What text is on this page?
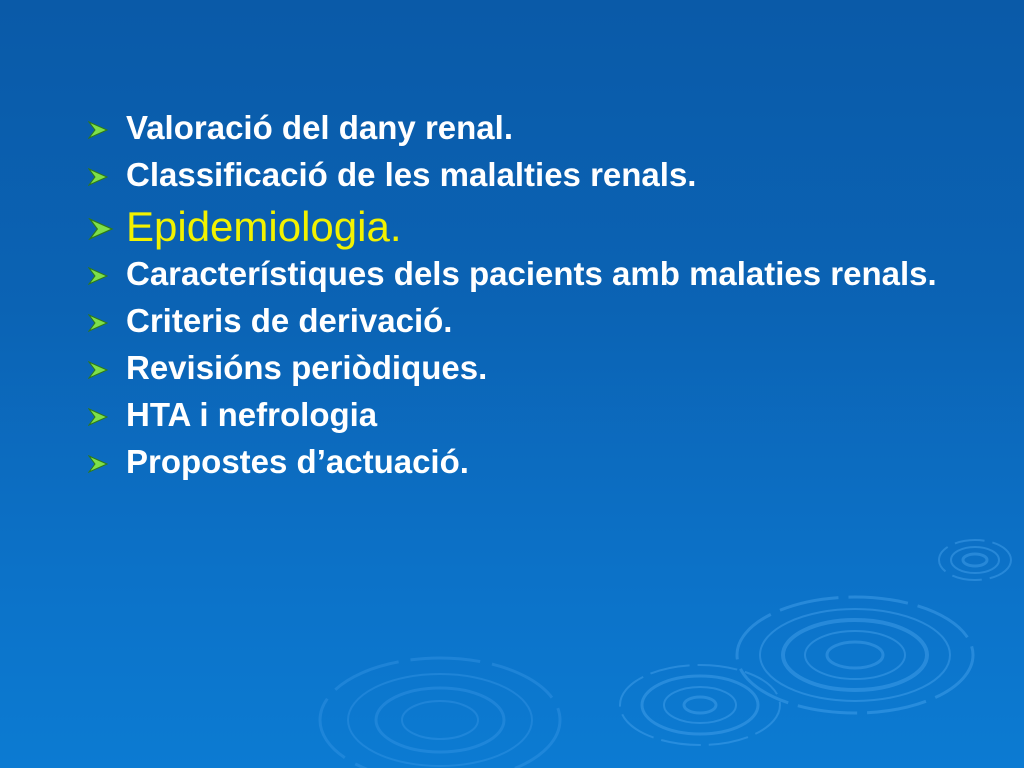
Valoració del dany renal.
Classificació de les malalties renals.
Epidemiologia.
Característiques dels pacients amb malaties renals.
Criteris de derivació.
Revisións periòdiques.
HTA i nefrologia
Propostes d’actuació.
